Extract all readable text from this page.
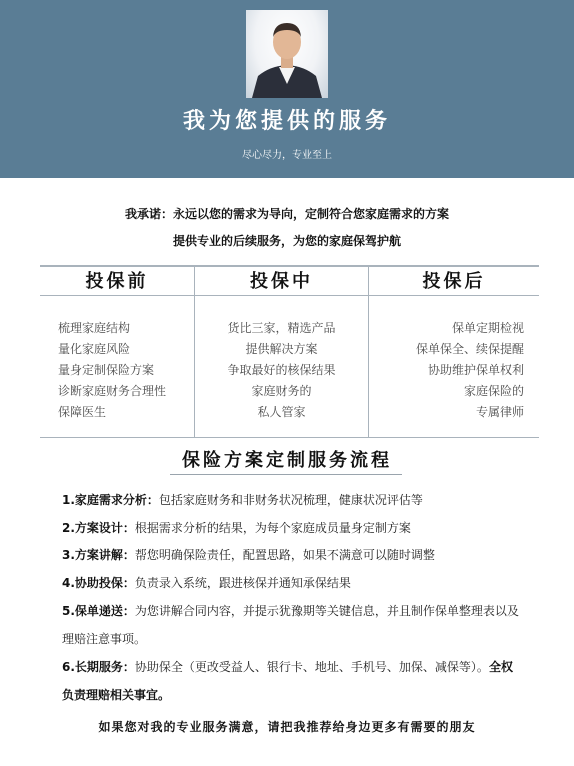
我为您提供的服务
尽心尽力，专业至上
我承诺：永远以您的需求为导向，定制符合您家庭需求的方案
提供专业的后续服务，为您的家庭保驾护航
投保前	投保中	投保后
梳理家庭结构
量化家庭风险
量身定制保险方案
诊断家庭财务合理性
保障医生
货比三家，精选产品
提供解决方案
争取最好的核保结果
家庭财务的
私人管家
保单定期检视
保单保全、续保提醒
协助维护保单权利
家庭保险的
专属律师
保险方案定制服务流程
1.家庭需求分析：包括家庭财务和非财务状况梳理，健康状况评估等
2.方案设计：根据需求分析的结果，为每个家庭成员量身定制方案
3.方案讲解：帮您明确保险责任，配置思路，如果不满意可以随时调整
4.协助投保：负责录入系统，跟进核保并通知承保结果
5.保单递送：为您讲解合同内容，并提示犹豫期等关键信息，并且制作保单整理表以及理赔注意事项。
6.长期服务：协助保全（更改受益人、银行卡、地址、手机号、加保、减保等）。全权负责理赔相关事宜。
如果您对我的专业服务满意，请把我推荐给身边更多有需要的朋友
